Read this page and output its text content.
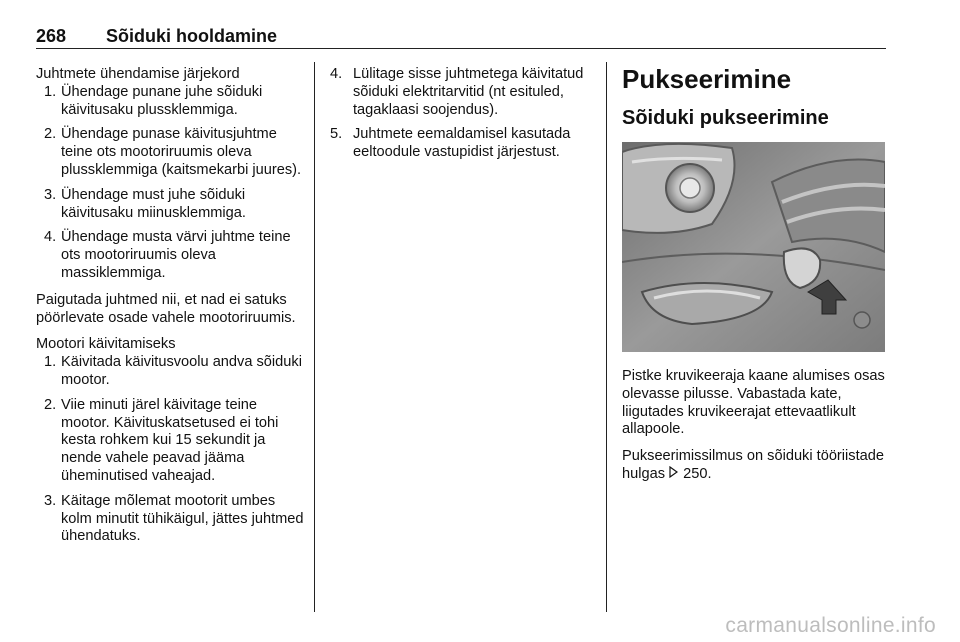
268 Sõiduki hooldamine

Juhtmete ühendamise järjekord

1. Ühendage punane juhe sõiduki käivitusaku plussklemmiga.
2. Ühendage punase käivitusjuhtme teine ots mootoriruumis oleva plussklemmiga (kaitsmekarbi juures).
3. Ühendage must juhe sõiduki käivitusaku miinusklemmiga.
4. Ühendage musta värvi juhtme teine ots mootoriruumis oleva massiklemmiga.

Paigutada juhtmed nii, et nad ei satuks pöörlevate osade vahele mootoriruumis.

Mootori käivitamiseks

1. Käivitada käivitusvoolu andva sõiduki mootor.
2. Viie minuti järel käivitage teine mootor. Käivituskatsetused ei tohi kesta rohkem kui 15 sekundit ja nende vahele peavad jääma üheminutised vaheajad.
3. Käitage mõlemat mootorit umbes kolm minutit tühikäigul, jättes juhtmed ühendatuks.
4. Lülitage sisse juhtmetega käivitatud sõiduki elektritarvitid (nt esituled, tagaklaasi soojendus).
5. Juhtmete eemaldamisel kasutada eeltoodule vastupidist järjestust.
Pukseerimine
Sõiduki pukseerimine

Pistke kruvikeeraja kaane alumises osas olevasse pilusse. Vabastada kate, liigutades kruvikeerajat ettevaatlikult allapoole.

Pukseerimissilmus on sõiduki tööriistade hulgas 250.

carmanualsonline.info
